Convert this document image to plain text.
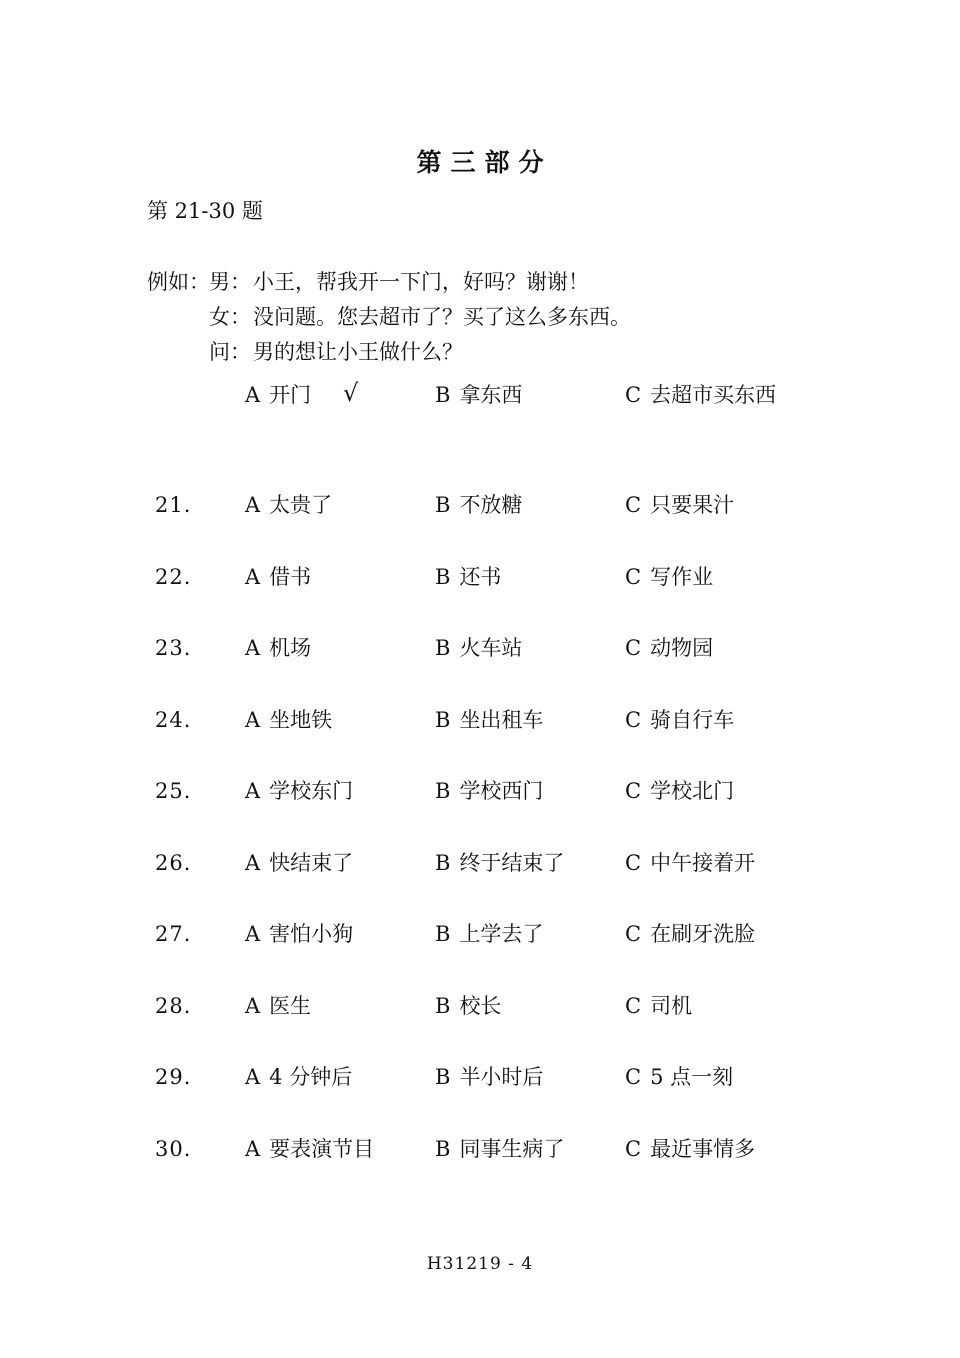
第三部分
第 21-30 题
例如： 男： 小王，帮我开一下门，好吗？谢谢！
女： 没问题。您去超市了？买了这么多东西。
问： 男的想让小王做什么？
A 开门 √	B 拿东西	C 去超市买东西
21.	A 太贵了	B 不放糖	C 只要果汁
22.	A 借书	B 还书	C 写作业
23.	A 机场	B 火车站	C 动物园
24.	A 坐地铁	B 坐出租车	C 骑自行车
25.	A 学校东门	B 学校西门	C 学校北门
26.	A 快结束了	B 终于结束了	C 中午接着开
27.	A 害怕小狗	B 上学去了	C 在刷牙洗脸
28.	A 医生	B 校长	C 司机
29.	A 4 分钟后	B 半小时后	C 5 点一刻
30.	A 要表演节目	B 同事生病了	C 最近事情多
H31219 - 4
